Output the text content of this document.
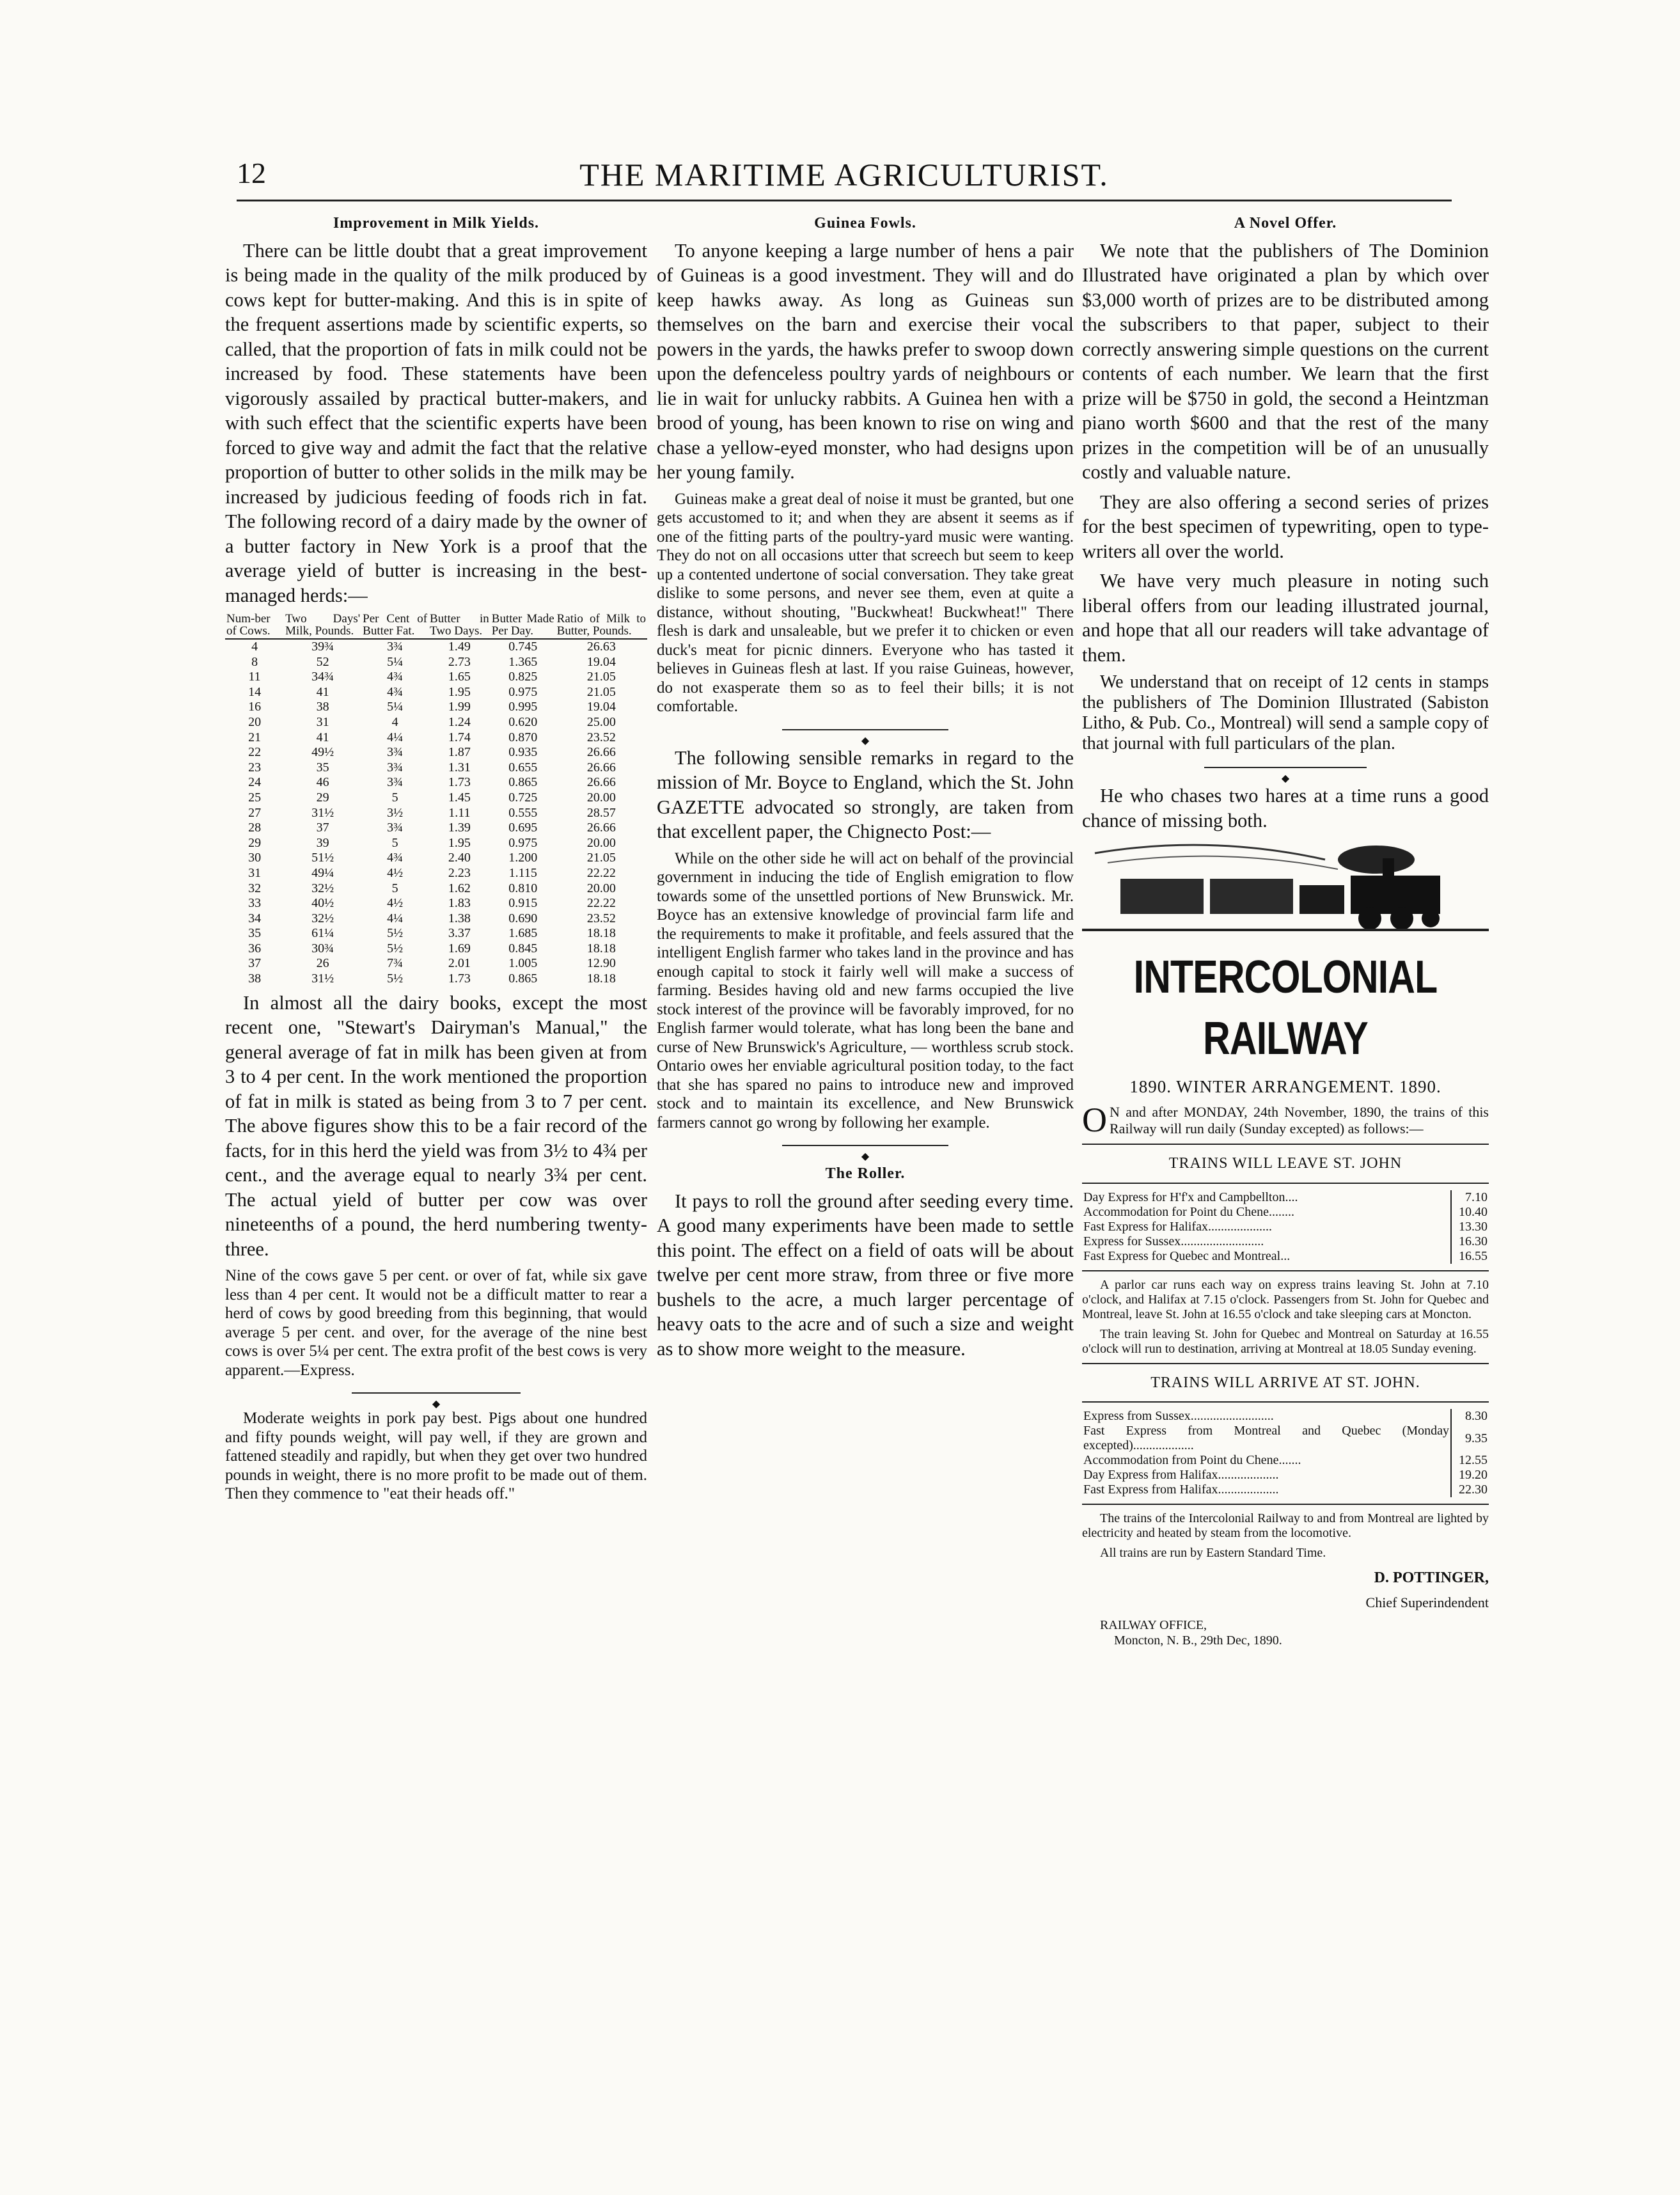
12	THE MARITIME AGRICULTURIST.
Improvement in Milk Yields.

There can be little doubt that a great improvement is being made in the quality of the milk produced by cows kept for butter-making. And this is in spite of the frequent assertions made by scientific experts, so called, that the proportion of fats in milk could not be increased by food. These statements have been vigorously assailed by practical butter-makers, and with such effect that the scientific experts have been forced to give way and admit the fact that the relative proportion of butter to other solids in the milk may be increased by judicious feeding of foods rich in fat. The following record of a dairy made by the owner of a butter factory in New York is a proof that the average yield of butter is increasing in the best-managed herds:—

Num-ber of Cows.	Two Days' Milk, Pounds.	Per Cent of Butter Fat.	Butter in Two Days.	Butter Made Per Day.	Ratio of Milk to Butter, Pounds.
4	39¾	3¾	1.49	0.745	26.63
8	52	5¼	2.73	1.365	19.04
11	34¾	4¾	1.65	0.825	21.05
14	41	4¾	1.95	0.975	21.05
16	38	5¼	1.99	0.995	19.04
20	31	4	1.24	0.620	25.00
21	41	4¼	1.74	0.870	23.52
22	49½	3¾	1.87	0.935	26.66
23	35	3¾	1.31	0.655	26.66
24	46	3¾	1.73	0.865	26.66
25	29	5	1.45	0.725	20.00
27	31½	3½	1.11	0.555	28.57
28	37	3¾	1.39	0.695	26.66
29	39	5	1.95	0.975	20.00
30	51½	4¾	2.40	1.200	21.05
31	49¼	4½	2.23	1.115	22.22
32	32½	5	1.62	0.810	20.00
33	40½	4½	1.83	0.915	22.22
34	32½	4¼	1.38	0.690	23.52
35	61¼	5½	3.37	1.685	18.18
36	30¾	5½	1.69	0.845	18.18
37	26	7¾	2.01	1.005	12.90
38	31½	5½	1.73	0.865	18.18

In almost all the dairy books, except the most recent one, "Stewart's Dairyman's Manual," the general average of fat in milk has been given at from 3 to 4 per cent. In the work mentioned the proportion of fat in milk is stated as being from 3 to 7 per cent. The above figures show this to be a fair record of the facts, for in this herd the yield was from 3½ to 4¾ per cent., and the average equal to nearly 3¾ per cent. The actual yield of butter per cow was over nineteenths of a pound, the herd numbering twenty-three.

Nine of the cows gave 5 per cent. or over of fat, while six gave less than 4 per cent. It would not be a difficult matter to rear a herd of cows by good breeding from this beginning, that would average 5 per cent. and over, for the average of the nine best cows is over 5¼ per cent. The extra profit of the best cows is very apparent.—Express.

◆

Moderate weights in pork pay best. Pigs about one hundred and fifty pounds weight, will pay well, if they are grown and fattened steadily and rapidly, but when they get over two hundred pounds in weight, there is no more profit to be made out of them. Then they commence to "eat their heads off."

Guinea Fowls.

To anyone keeping a large number of hens a pair of Guineas is a good investment. They will and do keep hawks away. As long as Guineas sun themselves on the barn and exercise their vocal powers in the yards, the hawks prefer to swoop down upon the defenceless poultry yards of neighbours or lie in wait for unlucky rabbits. A Guinea hen with a brood of young, has been known to rise on wing and chase a yellow-eyed monster, who had designs upon her young family.

Guineas make a great deal of noise it must be granted, but one gets accustomed to it; and when they are absent it seems as if one of the fitting parts of the poultry-yard music were wanting. They do not on all occasions utter that screech but seem to keep up a contented undertone of social conversation. They take great dislike to some persons, and never see them, even at quite a distance, without shouting, "Buckwheat! Buckwheat!" There flesh is dark and unsaleable, but we prefer it to chicken or even duck's meat for picnic dinners. Everyone who has tasted it believes in Guineas flesh at last. If you raise Guineas, however, do not exasperate them so as to feel their bills; it is not comfortable.

◆

The following sensible remarks in regard to the mission of Mr. Boyce to England, which the St. John GAZETTE advocated so strongly, are taken from that excellent paper, the Chignecto Post:—

While on the other side he will act on behalf of the provincial government in inducing the tide of English emigration to flow towards some of the unsettled portions of New Brunswick. Mr. Boyce has an extensive knowledge of provincial farm life and the requirements to make it profitable, and feels assured that the intelligent English farmer who takes land in the province and has enough capital to stock it fairly well will make a success of farming. Besides having old and new farms occupied the live stock interest of the province will be favorably improved, for no English farmer would tolerate, what has long been the bane and curse of New Brunswick's Agriculture, — worthless scrub stock. Ontario owes her enviable agricultural position today, to the fact that she has spared no pains to introduce new and improved stock and to maintain its excellence, and New Brunswick farmers cannot go wrong by following her example.

◆
The Roller.

It pays to roll the ground after seeding every time. A good many experiments have been made to settle this point. The effect on a field of oats will be about twelve per cent more straw, from three or five more bushels to the acre, a much larger percentage of heavy oats to the acre and of such a size and weight as to show more weight to the measure.

A Novel Offer.

We note that the publishers of The Dominion Illustrated have originated a plan by which over $3,000 worth of prizes are to be distributed among the subscribers to that paper, subject to their correctly answering simple questions on the current contents of each number. We learn that the first prize will be $750 in gold, the second a Heintzman piano worth $600 and that the rest of the many prizes in the competition will be of an unusually costly and valuable nature.

They are also offering a second series of prizes for the best specimen of typewriting, open to type-writers all over the world.

We have very much pleasure in noting such liberal offers from our leading illustrated journal, and hope that all our readers will take advantage of them.

We understand that on receipt of 12 cents in stamps the publishers of The Dominion Illustrated (Sabiston Litho, & Pub. Co., Montreal) will send a sample copy of that journal with full particulars of the plan.

◆

He who chases two hares at a time runs a good chance of missing both.

INTERCOLONIAL RAILWAY
1890. WINTER ARRANGEMENT. 1890.
O N and after MONDAY, 24th November, 1890, the trains of this Railway will run daily (Sunday excepted) as follows:—
TRAINS WILL LEAVE ST. JOHN
Day Express for H'f'x and Campbellton....	7.10
Accommodation for Point du Chene........	10.40
Fast Express for Halifax....................	13.30
Express for Sussex..........................	16.30
Fast Express for Quebec and Montreal...	16.55

A parlor car runs each way on express trains leaving St. John at 7.10 o'clock, and Halifax at 7.15 o'clock. Passengers from St. John for Quebec and Montreal, leave St. John at 16.55 o'clock and take sleeping cars at Moncton.

The train leaving St. John for Quebec and Montreal on Saturday at 16.55 o'clock will run to destination, arriving at Montreal at 18.05 Sunday evening.

TRAINS WILL ARRIVE AT ST. JOHN.
Express from Sussex..........................	8.30
Fast Express from Montreal and Quebec (Monday excepted)...................	9.35
Accommodation from Point du Chene.......	12.55
Day Express from Halifax...................	19.20
Fast Express from Halifax...................	22.30

The trains of the Intercolonial Railway to and from Montreal are lighted by electricity and heated by steam from the locomotive.

All trains are run by Eastern Standard Time.

D. POTTINGER,

Chief Superindendent

RAILWAY OFFICE,
Moncton, N. B., 29th Dec, 1890.
